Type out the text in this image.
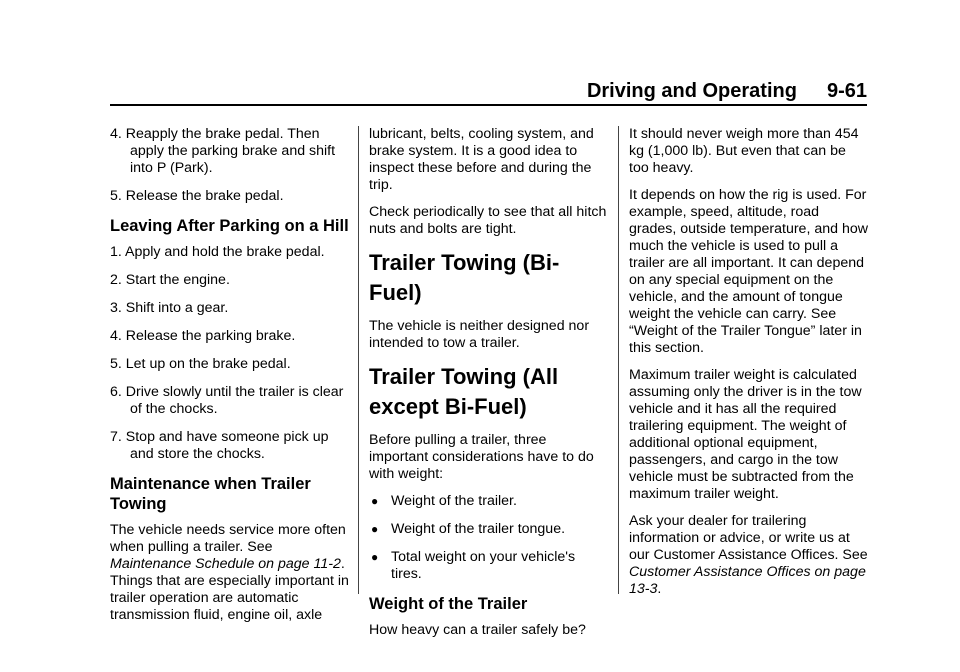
Driving and Operating 9-61
4. Reapply the brake pedal. Then apply the parking brake and shift into P (Park).
5. Release the brake pedal.
Leaving After Parking on a Hill
1. Apply and hold the brake pedal.
2. Start the engine.
3. Shift into a gear.
4. Release the parking brake.
5. Let up on the brake pedal.
6. Drive slowly until the trailer is clear of the chocks.
7. Stop and have someone pick up and store the chocks.
Maintenance when Trailer Towing

The vehicle needs service more often when pulling a trailer. See Maintenance Schedule on page 11-2. Things that are especially important in trailer operation are automatic transmission fluid, engine oil, axle

lubricant, belts, cooling system, and brake system. It is a good idea to inspect these before and during the trip.

Check periodically to see that all hitch nuts and bolts are tight.

Trailer Towing (Bi-Fuel)

The vehicle is neither designed nor intended to tow a trailer.

Trailer Towing (All except Bi-Fuel)

Before pulling a trailer, three important considerations have to do with weight:

● Weight of the trailer.
● Weight of the trailer tongue.
● Total weight on your vehicle's tires.
Weight of the Trailer

How heavy can a trailer safely be?

It should never weigh more than 454 kg (1,000 lb). But even that can be too heavy.

It depends on how the rig is used. For example, speed, altitude, road grades, outside temperature, and how much the vehicle is used to pull a trailer are all important. It can depend on any special equipment on the vehicle, and the amount of tongue weight the vehicle can carry. See “Weight of the Trailer Tongue” later in this section.

Maximum trailer weight is calculated assuming only the driver is in the tow vehicle and it has all the required trailering equipment. The weight of additional optional equipment, passengers, and cargo in the tow vehicle must be subtracted from the maximum trailer weight.

Ask your dealer for trailering information or advice, or write us at our Customer Assistance Offices. See Customer Assistance Offices on page 13-3.
